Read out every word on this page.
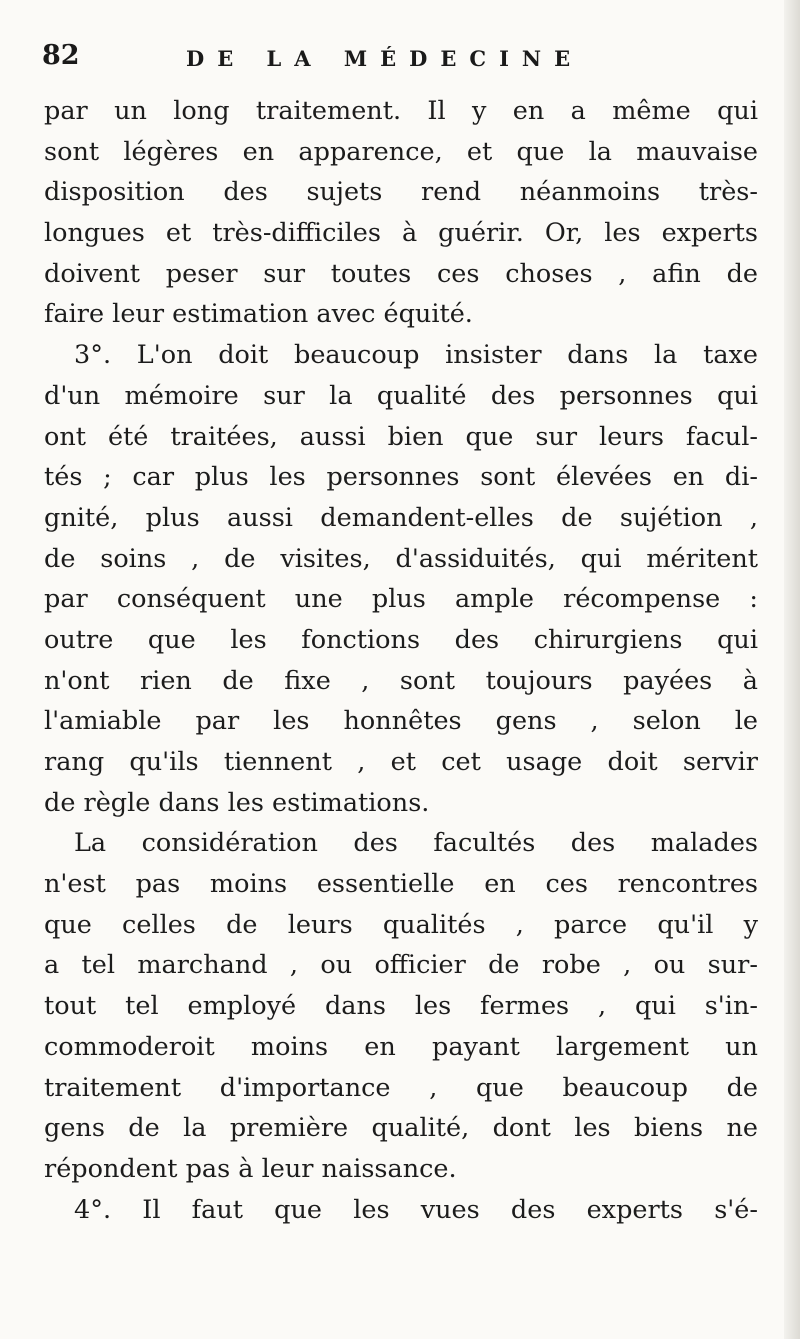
82	DE LA MÉDECINE
par un long traitement. Il y en a même qui
sont légères en apparence, et que la mauvaise
disposition des sujets rend néanmoins très-
longues et très-difficiles à guérir. Or, les experts
doivent peser sur toutes ces choses , afin de
faire leur estimation avec équité.
3°. L'on doit beaucoup insister dans la taxe
d'un mémoire sur la qualité des personnes qui
ont été traitées, aussi bien que sur leurs facul-
tés ; car plus les personnes sont élevées en di-
gnité, plus aussi demandent-elles de sujétion ,
de soins , de visites, d'assiduités, qui méritent
par conséquent une plus ample récompense :
outre que les fonctions des chirurgiens qui
n'ont rien de fixe , sont toujours payées à
l'amiable par les honnêtes gens , selon le
rang qu'ils tiennent , et cet usage doit servir
de règle dans les estimations.
La considération des facultés des malades
n'est pas moins essentielle en ces rencontres
que celles de leurs qualités , parce qu'il y
a tel marchand , ou officier de robe , ou sur-
tout tel employé dans les fermes , qui s'in-
commoderoit moins en payant largement un
traitement d'importance , que beaucoup de
gens de la première qualité, dont les biens ne
répondent pas à leur naissance.
4°. Il faut que les vues des experts s'é-
